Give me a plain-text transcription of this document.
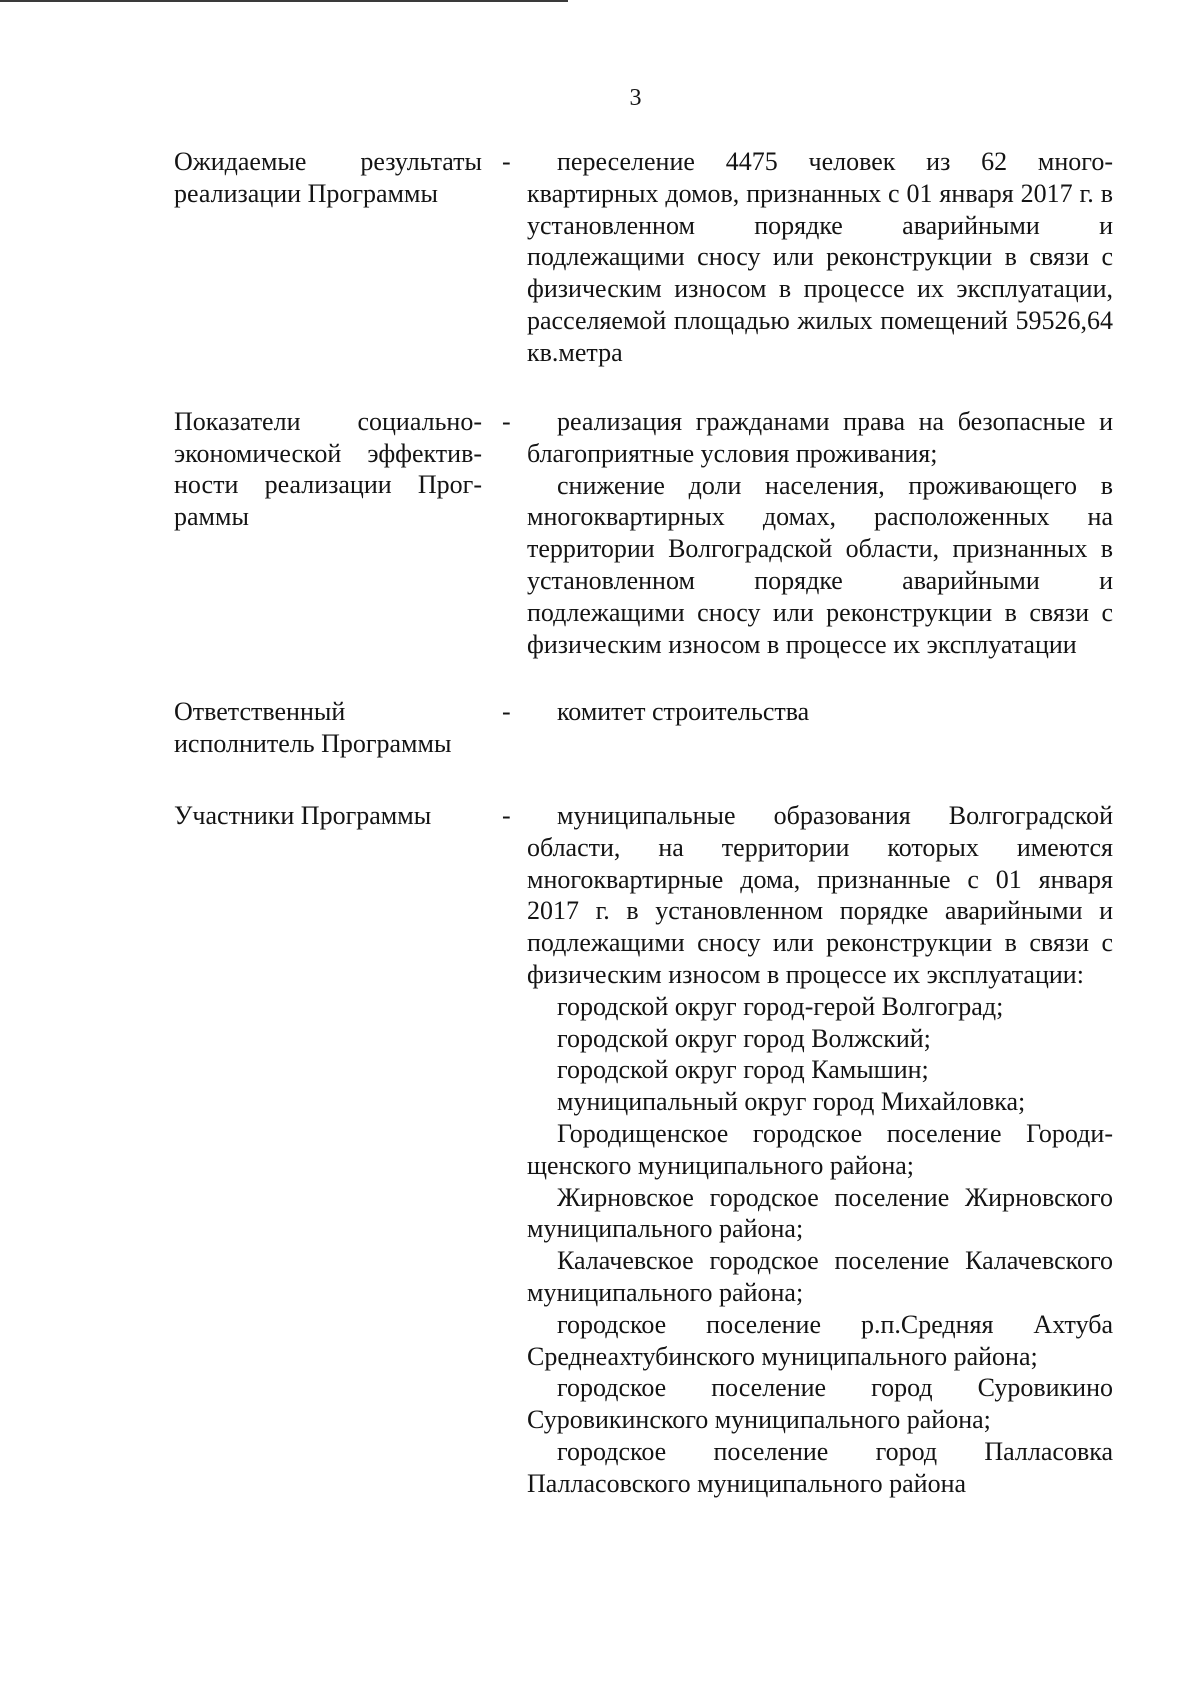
3
Ожидаемые результаты
реализации Программы
-	переселение 4475 человек из 62 многоквартирных домов, признанных с 01 января 2017 г. в установленном порядке аварийными и подлежащими сносу или реконструкции в связи с физическим износом в процессе их эксплуатации, расселяемой площадью жилых помещений 59526,64 кв.метра

Показатели социально-
экономической эффектив-
ности реализации Прог-
раммы
-	реализация гражданами права на безопасные и благоприятные условия проживания;

снижение доли населения, проживающего в многоквартирных домах, расположенных на территории Волгоградской области, признанных в установленном порядке аварийными и подлежащими сносу или реконструкции в связи с физическим износом в процессе их эксплуатации

Ответственный
исполнитель Программы
-	комитет строительства

Участники Программы	-	муниципальные образования Волгоградской области, на территории которых имеются многоквартирные дома, признанные с 01 января 2017 г. в установленном порядке аварийными и подлежащими сносу или реконструкции в связи с физическим износом в процессе их эксплуатации:

городской округ город-герой Волгоград;

городской округ город Волжский;

городской округ город Камышин;

муниципальный округ город Михайловка;

Городищенское городское поселение Городищенского муниципального района;

Жирновское городское поселение Жирновского муниципального района;

Калачевское городское поселение Калачевского муниципального района;

городское поселение р.п.Средняя Ахтуба Среднеахтубинского муниципального района;

городское поселение город Суровикино Суровикинского муниципального района;

городское поселение город Палласовка Палласовского муниципального района
